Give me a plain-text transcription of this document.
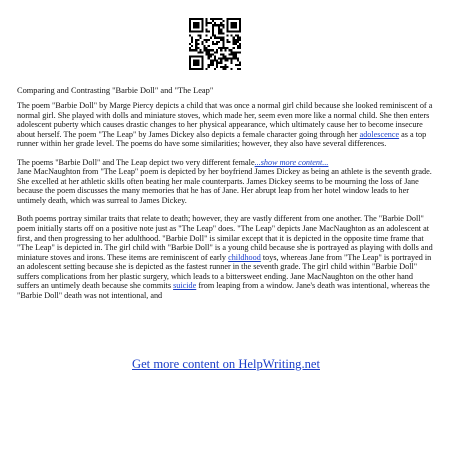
Comparing and Contrasting "Barbie Doll" and "The Leap"

The poem "Barbie Doll" by Marge Piercy depicts a child that was once a normal girl child because she looked reminiscent of a normal girl. She played with dolls and miniature stoves, which made her, seem even more like a normal child. She then enters adolescent puberty which causes drastic changes to her physical appearance, which ultimately cause her to become insecure about herself. The poem "The Leap" by James Dickey also depicts a female character going through her adolescence as a top runner within her grade level. The poems do have some similarities; however, they also have several differences.

The poems "Barbie Doll" and The Leap depict two very different female...show more content...
Jane MacNaughton from "The Leap" poem is depicted by her boyfriend James Dickey as being an athlete is the seventh grade. She excelled at her athletic skills often beating her male counterparts. James Dickey seems to be mourning the loss of Jane because the poem discusses the many memories that he has of Jane. Her abrupt leap from her hotel window leads to her untimely death, which was surreal to James Dickey.

Both poems portray similar traits that relate to death; however, they are vastly different from one another. The "Barbie Doll" poem initially starts off on a positive note just as "The Leap" does. "The Leap" depicts Jane MacNaughton as an adolescent at first, and then progressing to her adulthood. "Barbie Doll" is similar except that it is depicted in the opposite time frame that "The Leap" is depicted in. The girl child with "Barbie Doll" is a young child because she is portrayed as playing with dolls and miniature stoves and irons. These items are reminiscent of early childhood toys, whereas Jane from "The Leap" is portrayed in an adolescent setting because she is depicted as the fastest runner in the seventh grade. The girl child within "Barbie Doll" suffers complications from her plastic surgery, which leads to a bittersweet ending. Jane MacNaughton on the other hand suffers an untimely death because she commits suicide from leaping from a window. Jane's death was intentional, whereas the "Barbie Doll" death was not intentional, and

Get more content on HelpWriting.net
